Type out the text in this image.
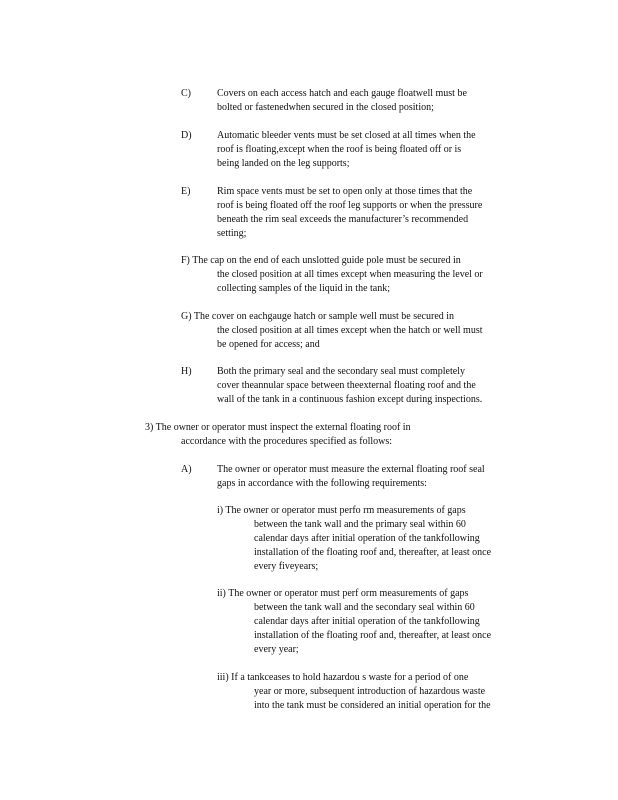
C)	Covers on each access hatch and each gauge floatwell must be
bolted or fastenedwhen secured in the closed position;
D)	Automatic bleeder vents must be set closed at all times when the
roof is floating,except when the roof is being floated off or is
being landed on the leg supports;
E)	Rim space vents must be set to open only at those times that the
roof is being floated off the roof leg supports or when the pressure
beneath the rim seal exceeds the manufacturer’s recommended
setting;
F) The cap on the end of each unslotted guide pole must be secured in
the closed position at all times except when measuring the level or
collecting samples of the liquid in the tank;
G) The cover on eachgauge hatch or sample well must be secured in
the closed position at all times except when the hatch or well must
be opened for access; and
H)	Both the primary seal and the secondary seal must completely
cover theannular space between theexternal floating roof and the
wall of the tank in a continuous fashion except during inspections.
3) The owner or operator must inspect the external floating roof in
accordance with the procedures specified as follows:
A)	The owner or operator must measure the external floating roof seal
gaps in accordance with the following requirements:
i) The owner or operator must perfo rm measurements of gaps
between the tank wall and the primary seal within 60
calendar days after initial operation of the tankfollowing
installation of the floating roof and, thereafter, at least once
every fiveyears;
ii) The owner or operator must perf orm measurements of gaps
between the tank wall and the secondary seal within 60
calendar days after initial operation of the tankfollowing
installation of the floating roof and, thereafter, at least once
every year;
iii) If a tankceases to hold hazardou s waste for a period of one
year or more, subsequent introduction of hazardous waste
into the tank must be considered an initial operation for the
